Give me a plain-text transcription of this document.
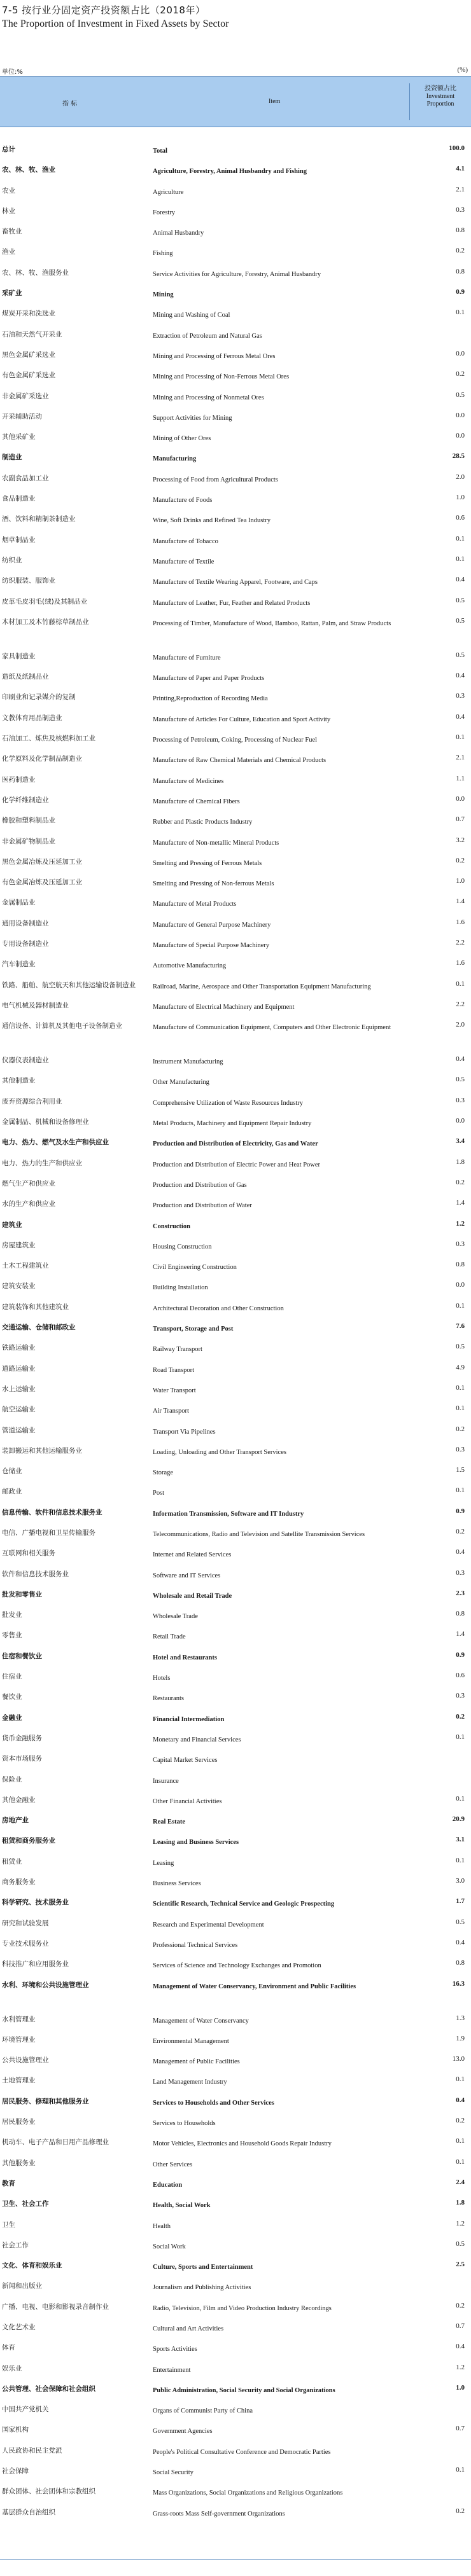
7-5 按行业分固定资产投资额占比（2018年）
The Proportion of Investment in Fixed Assets by Sector
单位:%	(%)
指 标	Item
投资额占比
Investment
Proportion
总计	Total	100.0
农、林、牧、渔业	Agriculture, Forestry, Animal Husbandry and Fishing	4.1
农业	Agriculture	2.1
林业	Forestry	0.3
畜牧业	Animal Husbandry	0.8
渔业	Fishing	0.2
农、林、牧、渔服务业	Service Activities for Agriculture, Forestry, Animal Husbandry	0.8
采矿业	Mining	0.9
煤炭开采和洗选业	Mining and Washing of Coal	0.1
石油和天然气开采业	Extraction of Petroleum and Natural Gas
黑色金属矿采选业	Mining and Processing of Ferrous Metal Ores	0.0
有色金属矿采选业	Mining and Processing of Non-Ferrous Metal Ores	0.2
非金属矿采选业	Mining and Processing of Nonmetal Ores	0.5
开采辅助活动	Support Activities for Mining	0.0
其他采矿业	Mining of Other Ores	0.0
制造业	Manufacturing	28.5
农副食品加工业	Processing of Food from Agricultural Products	2.0
食品制造业	Manufacture of Foods	1.0
酒、饮料和精制茶制造业	Wine, Soft Drinks and Refined Tea Industry	0.6
烟草制品业	Manufacture of Tobacco	0.1
纺织业	Manufacture of Textile	0.1
纺织服装、服饰业	Manufacture of Textile Wearing Apparel, Footware, and Caps	0.4
皮革毛皮羽毛(绒)及其制品业	Manufacture of Leather, Fur, Feather and Related Products	0.5
木材加工及木竹藤棕草制品业	Processing of Timber, Manufacture of Wood, Bamboo, Rattan, Palm, and Straw Products	0.5
家具制造业	Manufacture of Furniture	0.5
造纸及纸制品业	Manufacture of Paper and Paper Products	0.4
印刷业和记录媒介的复制	Printing,Reproduction of Recording Media	0.3
文教体育用品制造业	Manufacture of Articles For Culture, Education and Sport Activity	0.4
石油加工、炼焦及核燃料加工业	Processing of Petroleum, Coking, Processing of Nuclear Fuel	0.1
化学原料及化学制品制造业	Manufacture of Raw Chemical Materials and Chemical Products	2.1
医药制造业	Manufacture of Medicines	1.1
化学纤维制造业	Manufacture of Chemical Fibers	0.0
橡胶和塑料制品业	Rubber and Plastic Products Industry	0.7
非金属矿物制品业	Manufacture of Non-metallic Mineral Products	3.2
黑色金属冶炼及压延加工业	Smelting and Pressing of Ferrous Metals	0.2
有色金属冶炼及压延加工业	Smelting and Pressing of Non-ferrous Metals	1.0
金属制品业	Manufacture of Metal Products	1.4
通用设备制造业	Manufacture of General Purpose Machinery	1.6
专用设备制造业	Manufacture of Special Purpose Machinery	2.2
汽车制造业	Automotive Manufacturing	1.6
铁路、船舶、航空航天和其他运输设备制造业	Railroad, Marine, Aerospace and Other Transportation Equipment Manufacturing	0.1
电气机械及器材制造业	Manufacture of Electrical Machinery and Equipment	2.2
通信设备、计算机及其他电子设备制造业	Manufacture of Communication Equipment, Computers and Other Electronic Equipment	2.0
仪器仪表制造业	Instrument Manufacturing	0.4
其他制造业	Other Manufacturing	0.5
废弃资源综合利用业	Comprehensive Utilization of Waste Resources Industry	0.3
金属制品、机械和设备修理业	Metal Products, Machinery and Equipment Repair Industry	0.0
电力、热力、燃气及水生产和供应业	Production and Distribution of Electricity, Gas and Water	3.4
电力、热力的生产和供应业	Production and Distribution of Electric Power and Heat Power	1.8
燃气生产和供应业	Production and Distribution of Gas	0.2
水的生产和供应业	Production and Distribution of Water	1.4
建筑业	Construction	1.2
房屋建筑业	Housing Construction	0.3
土木工程建筑业	Civil Engineering Construction	0.8
建筑安装业	Building Installation	0.0
建筑装饰和其他建筑业	Architectural Decoration and Other Construction	0.1
交通运输、仓储和邮政业	Transport, Storage and Post	7.6
铁路运输业	Railway Transport	0.5
道路运输业	Road Transport	4.9
水上运输业	Water Transport	0.1
航空运输业	Air Transport	0.1
管道运输业	Transport Via Pipelines	0.2
装卸搬运和其他运输服务业	Loading, Unloading and Other Transport Services	0.3
仓储业	Storage	1.5
邮政业	Post	0.1
信息传输、软件和信息技术服务业	Information Transmission, Software and IT Industry	0.9
电信、广播电视和卫星传输服务	Telecommunications, Radio and Television and Satellite Transmission Services	0.2
互联网和相关服务	Internet and Related Services	0.4
软件和信息技术服务业	Software and IT Services	0.3
批发和零售业	Wholesale and Retail Trade	2.3
批发业	Wholesale Trade	0.8
零售业	Retail Trade	1.4
住宿和餐饮业	Hotel and Restaurants	0.9
住宿业	Hotels	0.6
餐饮业	Restaurants	0.3
金融业	Financial Intermediation	0.2
货币金融服务	Monetary and Financial Services	0.1
资本市场服务	Capital Market Services
保险业	Insurance
其他金融业	Other Financial Activities	0.1
房地产业	Real Estate	20.9
租赁和商务服务业	Leasing and Business Services	3.1
租赁业	Leasing	0.1
商务服务业	Business Services	3.0
科学研究、技术服务业	Scientific Research, Technical Service and Geologic Prospecting	1.7
研究和试验发展	Research and Experimental Development	0.5
专业技术服务业	Professional Technical Services	0.4
科技推广和应用服务业	Services of Science and Technology Exchanges and Promotion	0.8
水利、环境和公共设施管理业	Management of Water Conservancy, Environment and Public Facilities	16.3
水利管理业	Management of Water Conservancy	1.3
环境管理业	Environmental Management	1.9
公共设施管理业	Management of Public Facilities	13.0
土地管理业	Land Management Industry	0.1
居民服务、修理和其他服务业	Services to Households and Other Services	0.4
居民服务业	Services to Households	0.2
机动车、电子产品和日用产品修理业	Motor Vehicles, Electronics and Household Goods Repair Industry	0.1
其他服务业	Other Services	0.1
教育	Education	2.4
卫生、社会工作	Health, Social Work	1.8
卫生	Health	1.2
社会工作	Social Work	0.5
文化、体育和娱乐业	Culture, Sports and Entertainment	2.5
新闻和出版业	Journalism and Publishing Activities
广播、电视、电影和影视录音制作业	Radio, Television, Film and Video Production Industry Recordings	0.2
文化艺术业	Cultural and Art Activities	0.7
体育	Sports Activities	0.4
娱乐业	Entertainment	1.2
公共管理、社会保障和社会组织	Public Administration, Social Security and Social Organizations	1.0
中国共产党机关	Organs of Communist Party of China
国家机构	Government Agencies	0.7
人民政协和民主党派	People's Political Consultative Conference and Democratic Parties
社会保障	Social Security	0.1
群众团体、社会团体和宗教组织	Mass Organizations, Social Organizations and Religious Organizations
基层群众自治组织	Grass-roots Mass Self-government Organizations	0.2
